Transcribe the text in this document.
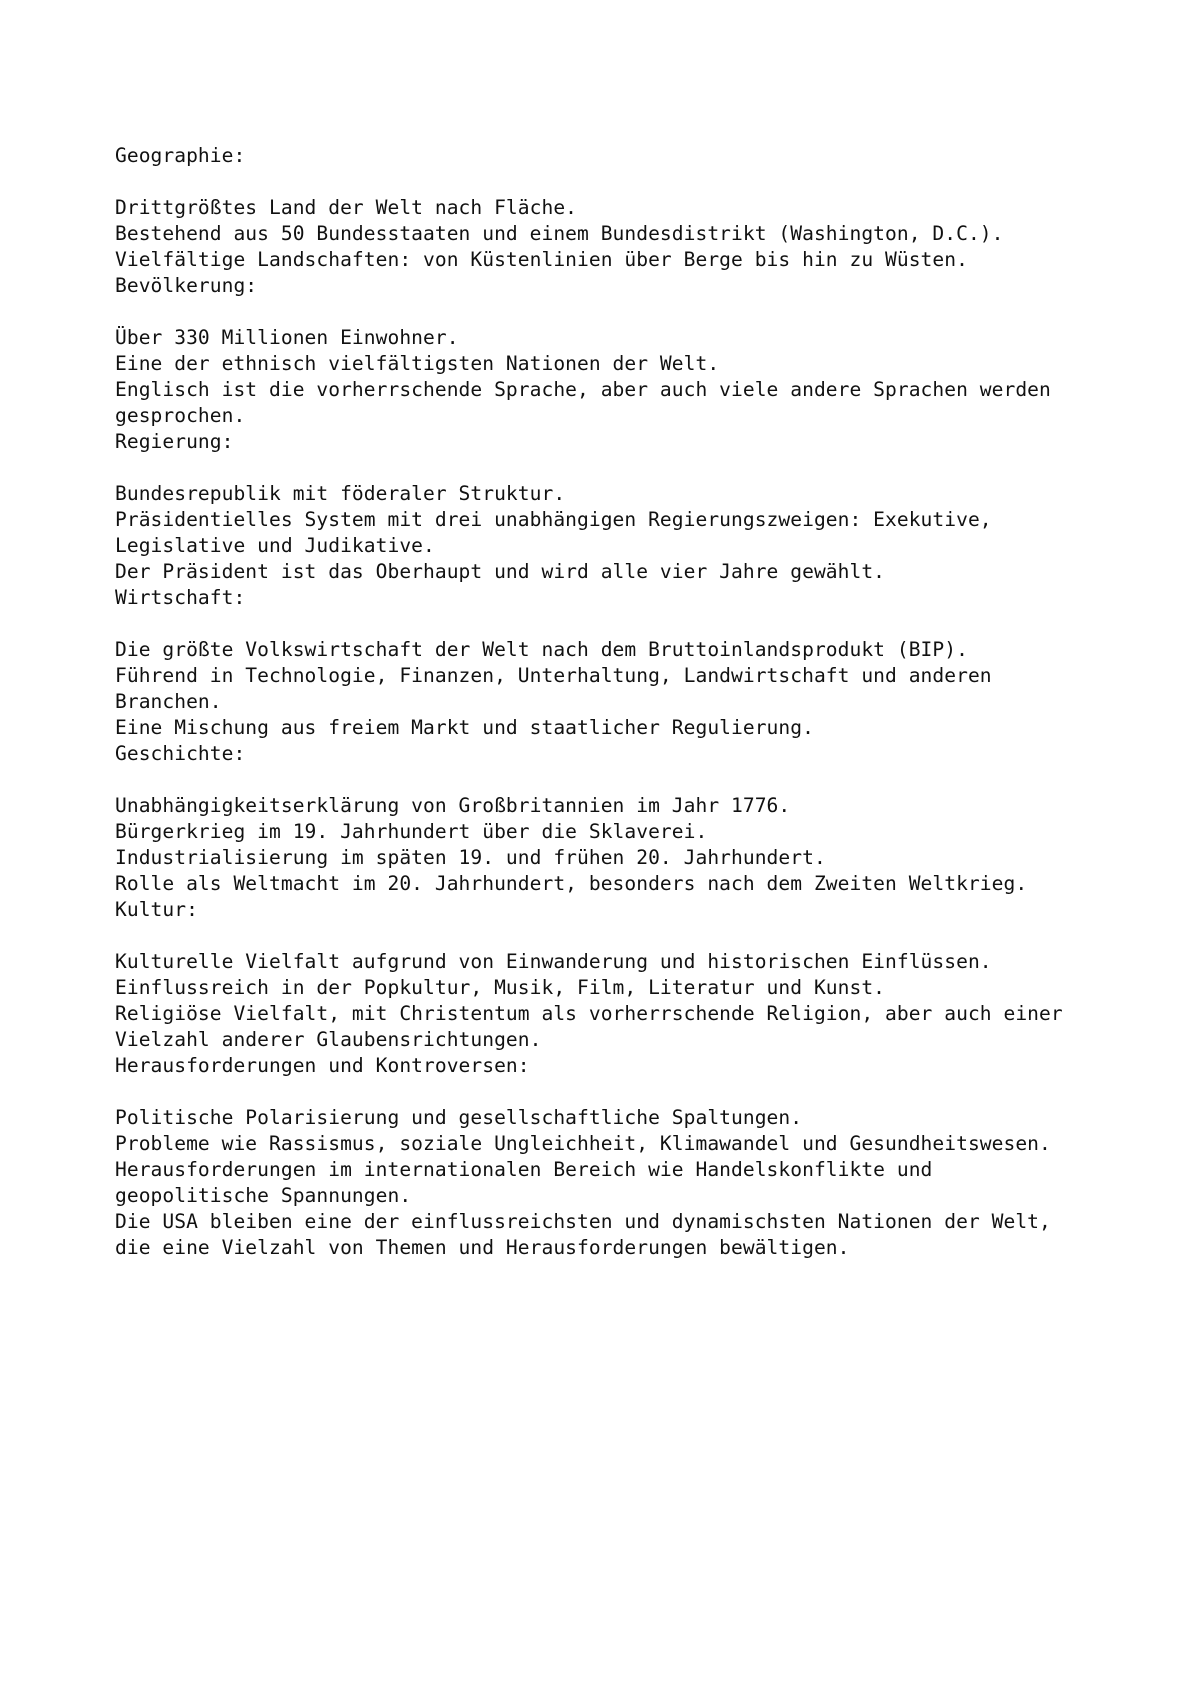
Geographie:
Drittgrößtes Land der Welt nach Fläche.
Bestehend aus 50 Bundesstaaten und einem Bundesdistrikt (Washington, D.C.).
Vielfältige Landschaften: von Küstenlinien über Berge bis hin zu Wüsten.
Bevölkerung:
Über 330 Millionen Einwohner.
Eine der ethnisch vielfältigsten Nationen der Welt.
Englisch ist die vorherrschende Sprache, aber auch viele andere Sprachen werden
gesprochen.
Regierung:
Bundesrepublik mit föderaler Struktur.
Präsidentielles System mit drei unabhängigen Regierungszweigen: Exekutive,
Legislative und Judikative.
Der Präsident ist das Oberhaupt und wird alle vier Jahre gewählt.
Wirtschaft:
Die größte Volkswirtschaft der Welt nach dem Bruttoinlandsprodukt (BIP).
Führend in Technologie, Finanzen, Unterhaltung, Landwirtschaft und anderen
Branchen.
Eine Mischung aus freiem Markt und staatlicher Regulierung.
Geschichte:
Unabhängigkeitserklärung von Großbritannien im Jahr 1776.
Bürgerkrieg im 19. Jahrhundert über die Sklaverei.
Industrialisierung im späten 19. und frühen 20. Jahrhundert.
Rolle als Weltmacht im 20. Jahrhundert, besonders nach dem Zweiten Weltkrieg.
Kultur:
Kulturelle Vielfalt aufgrund von Einwanderung und historischen Einflüssen.
Einflussreich in der Popkultur, Musik, Film, Literatur und Kunst.
Religiöse Vielfalt, mit Christentum als vorherrschende Religion, aber auch einer
Vielzahl anderer Glaubensrichtungen.
Herausforderungen und Kontroversen:
Politische Polarisierung und gesellschaftliche Spaltungen.
Probleme wie Rassismus, soziale Ungleichheit, Klimawandel und Gesundheitswesen.
Herausforderungen im internationalen Bereich wie Handelskonflikte und
geopolitische Spannungen.
Die USA bleiben eine der einflussreichsten und dynamischsten Nationen der Welt,
die eine Vielzahl von Themen und Herausforderungen bewältigen.
